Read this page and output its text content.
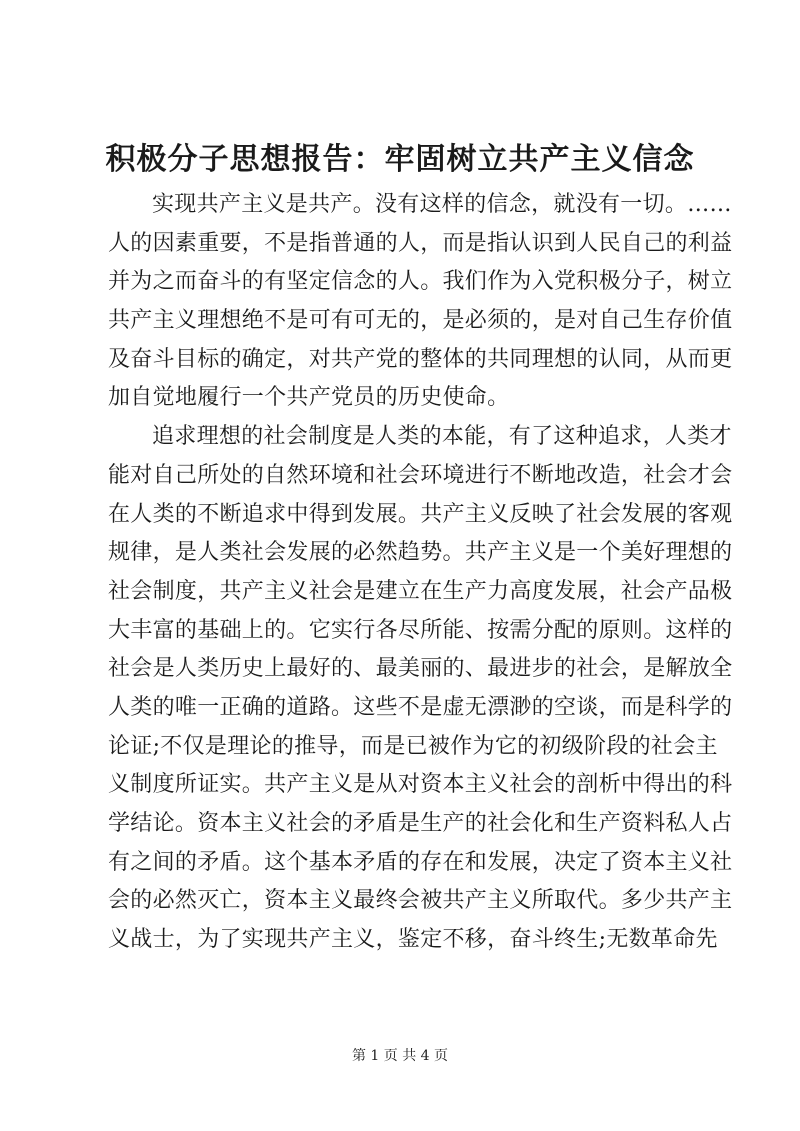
积极分子思想报告：牢固树立共产主义信念
实现共产主义是共产。没有这样的信念，就没有一切。……
人的因素重要，不是指普通的人，而是指认识到人民自己的利益
并为之而奋斗的有坚定信念的人。我们作为入党积极分子，树立
共产主义理想绝不是可有可无的，是必须的，是对自己生存价值
及奋斗目标的确定，对共产党的整体的共同理想的认同，从而更
加自觉地履行一个共产党员的历史使命。
追求理想的社会制度是人类的本能，有了这种追求，人类才
能对自己所处的自然环境和社会环境进行不断地改造，社会才会
在人类的不断追求中得到发展。共产主义反映了社会发展的客观
规律，是人类社会发展的必然趋势。共产主义是一个美好理想的
社会制度，共产主义社会是建立在生产力高度发展，社会产品极
大丰富的基础上的。它实行各尽所能、按需分配的原则。这样的
社会是人类历史上最好的、最美丽的、最进步的社会，是解放全
人类的唯一正确的道路。这些不是虚无漂渺的空谈，而是科学的
论证;不仅是理论的推导，而是已被作为它的初级阶段的社会主
义制度所证实。共产主义是从对资本主义社会的剖析中得出的科
学结论。资本主义社会的矛盾是生产的社会化和生产资料私人占
有之间的矛盾。这个基本矛盾的存在和发展，决定了资本主义社
会的必然灭亡，资本主义最终会被共产主义所取代。多少共产主
义战士，为了实现共产主义，鉴定不移，奋斗终生;无数革命先
第 1 页 共 4 页
